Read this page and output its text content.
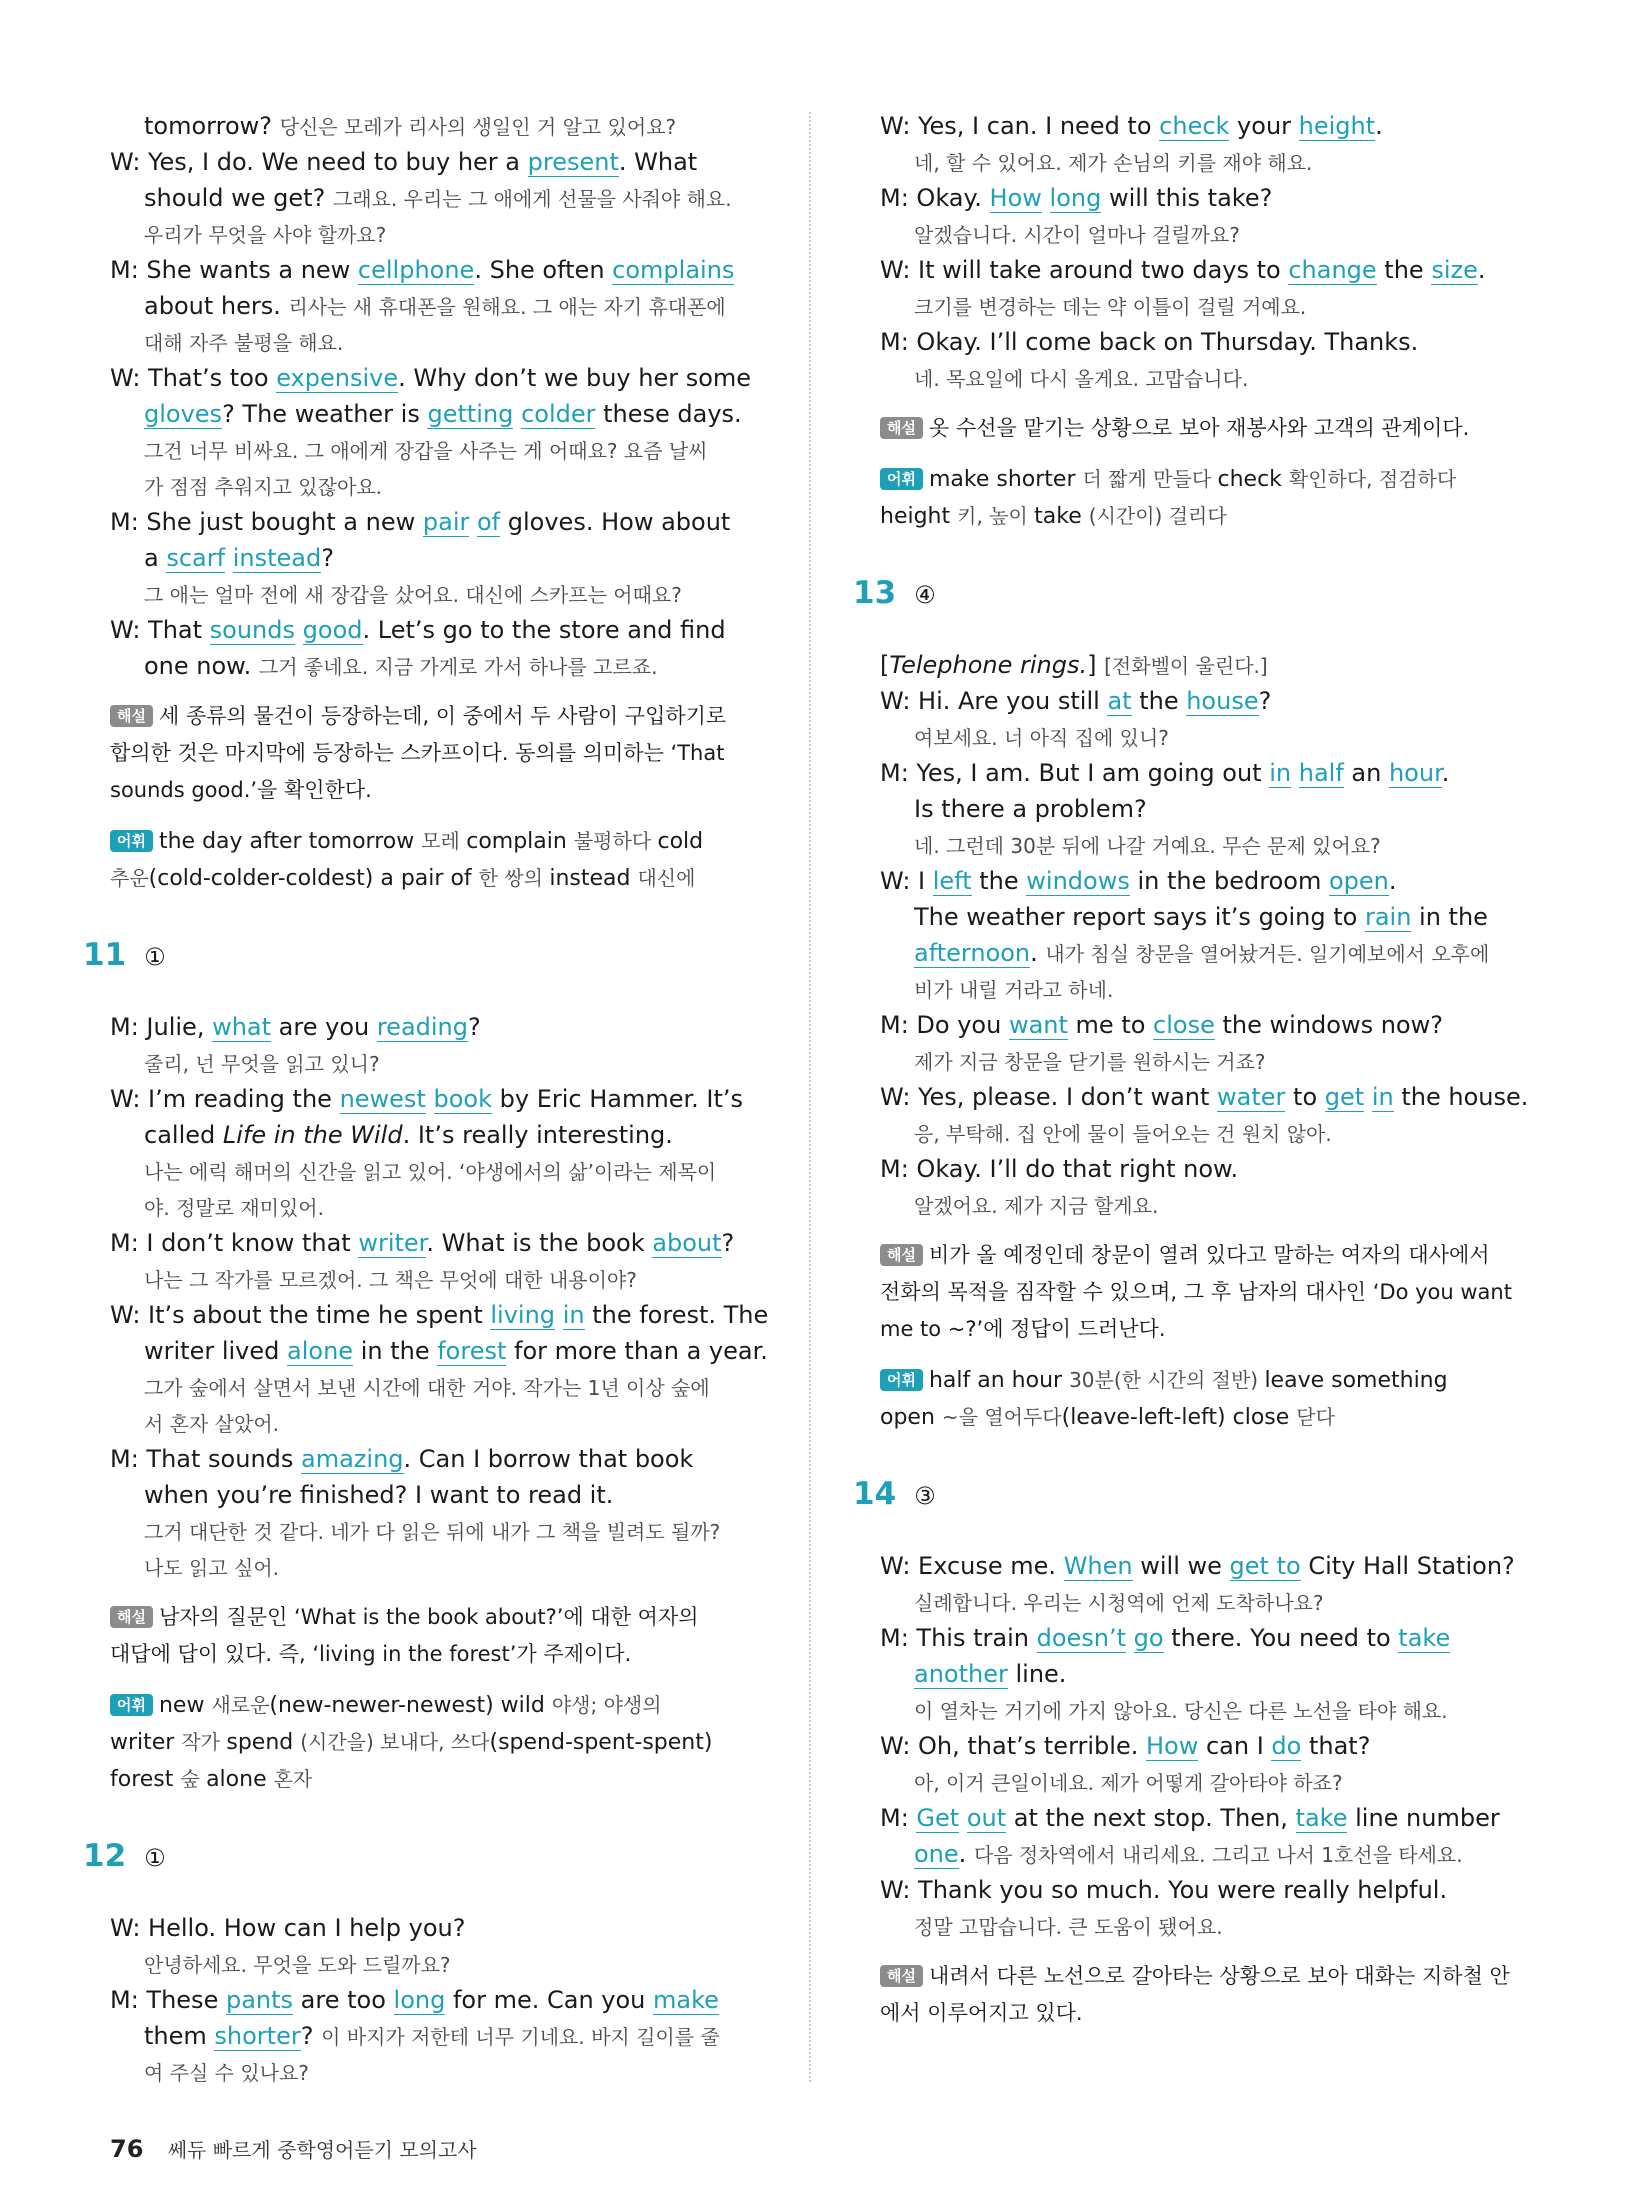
tomorrow? 당신은 모레가 리사의 생일인 거 알고 있어요?
W: Yes, I do. We need to buy her a present. What
should we get? 그래요. 우리는 그 애에게 선물을 사줘야 해요.
우리가 무엇을 사야 할까요?
M: She wants a new cellphone. She often complains
about hers. 리사는 새 휴대폰을 원해요. 그 애는 자기 휴대폰에
대해 자주 불평을 해요.
W: That’s too expensive. Why don’t we buy her some
gloves? The weather is getting colder these days.
그건 너무 비싸요. 그 애에게 장갑을 사주는 게 어때요? 요즘 날씨
가 점점 추워지고 있잖아요.
M: She just bought a new pair of gloves. How about
a scarf instead?
그 애는 얼마 전에 새 장갑을 샀어요. 대신에 스카프는 어때요?
W: That sounds good. Let’s go to the store and find
one now. 그거 좋네요. 지금 가게로 가서 하나를 고르죠.
해설 세 종류의 물건이 등장하는데, 이 중에서 두 사람이 구입하기로
합의한 것은 마지막에 등장하는 스카프이다. 동의를 의미하는 ‘That
sounds good.’을 확인한다.
어휘 the day after tomorrow 모레 complain 불평하다 cold
추운(cold-colder-coldest) a pair of 한 쌍의 instead 대신에
11 ①
M: Julie, what are you reading?
줄리, 넌 무엇을 읽고 있니?
W: I’m reading the newest book by Eric Hammer. It’s
called Life in the Wild. It’s really interesting.
나는 에릭 해머의 신간을 읽고 있어. ‘야생에서의 삶’이라는 제목이
야. 정말로 재미있어.
M: I don’t know that writer. What is the book about?
나는 그 작가를 모르겠어. 그 책은 무엇에 대한 내용이야?
W: It’s about the time he spent living in the forest. The
writer lived alone in the forest for more than a year.
그가 숲에서 살면서 보낸 시간에 대한 거야. 작가는 1년 이상 숲에
서 혼자 살았어.
M: That sounds amazing. Can I borrow that book
when you’re finished? I want to read it.
그거 대단한 것 같다. 네가 다 읽은 뒤에 내가 그 책을 빌려도 될까?
나도 읽고 싶어.
해설 남자의 질문인 ‘What is the book about?’에 대한 여자의
대답에 답이 있다. 즉, ‘living in the forest’가 주제이다.
어휘 new 새로운(new-newer-newest) wild 야생; 야생의
writer 작가 spend (시간을) 보내다, 쓰다(spend-spent-spent)
forest 숲 alone 혼자
12 ①
W: Hello. How can I help you?
안녕하세요. 무엇을 도와 드릴까요?
M: These pants are too long for me. Can you make
them shorter? 이 바지가 저한테 너무 기네요. 바지 길이를 줄
여 주실 수 있나요?
W: Yes, I can. I need to check your height.
네, 할 수 있어요. 제가 손님의 키를 재야 해요.
M: Okay. How long will this take?
알겠습니다. 시간이 얼마나 걸릴까요?
W: It will take around two days to change the size.
크기를 변경하는 데는 약 이틀이 걸릴 거예요.
M: Okay. I’ll come back on Thursday. Thanks.
네. 목요일에 다시 올게요. 고맙습니다.
해설 옷 수선을 맡기는 상황으로 보아 재봉사와 고객의 관계이다.
어휘 make shorter 더 짧게 만들다 check 확인하다, 점검하다
height 키, 높이 take (시간이) 걸리다
13 ④
[Telephone rings.] [전화벨이 울린다.]
W: Hi. Are you still at the house?
여보세요. 너 아직 집에 있니?
M: Yes, I am. But I am going out in half an hour.
Is there a problem?
네. 그런데 30분 뒤에 나갈 거예요. 무슨 문제 있어요?
W: I left the windows in the bedroom open.
The weather report says it’s going to rain in the
afternoon. 내가 침실 창문을 열어놨거든. 일기예보에서 오후에
비가 내릴 거라고 하네.
M: Do you want me to close the windows now?
제가 지금 창문을 닫기를 원하시는 거죠?
W: Yes, please. I don’t want water to get in the house.
응, 부탁해. 집 안에 물이 들어오는 건 원치 않아.
M: Okay. I’ll do that right now.
알겠어요. 제가 지금 할게요.
해설 비가 올 예정인데 창문이 열려 있다고 말하는 여자의 대사에서
전화의 목적을 짐작할 수 있으며, 그 후 남자의 대사인 ‘Do you want
me to ~?’에 정답이 드러난다.
어휘 half an hour 30분(한 시간의 절반) leave something
open ~을 열어두다(leave-left-left) close 닫다
14 ③
W: Excuse me. When will we get to City Hall Station?
실례합니다. 우리는 시청역에 언제 도착하나요?
M: This train doesn’t go there. You need to take
another line.
이 열차는 거기에 가지 않아요. 당신은 다른 노선을 타야 해요.
W: Oh, that’s terrible. How can I do that?
아, 이거 큰일이네요. 제가 어떻게 갈아타야 하죠?
M: Get out at the next stop. Then, take line number
one. 다음 정차역에서 내리세요. 그리고 나서 1호선을 타세요.
W: Thank you so much. You were really helpful.
정말 고맙습니다. 큰 도움이 됐어요.
해설 내려서 다른 노선으로 갈아타는 상황으로 보아 대화는 지하철 안
에서 이루어지고 있다.
76 쎄듀 빠르게 중학영어듣기 모의고사
